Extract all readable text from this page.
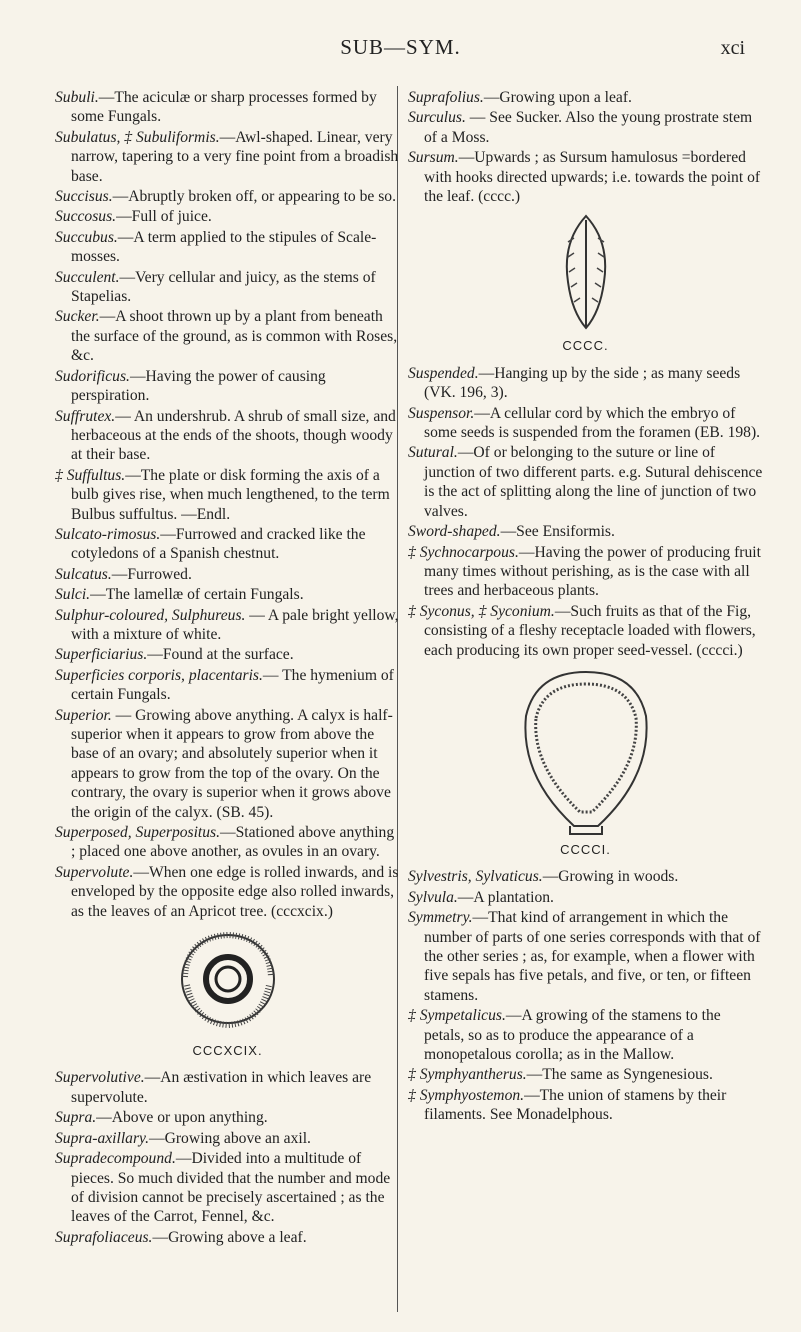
SUB—SYM.	xci

Subuli.—The aciculæ or sharp processes formed by some Fungals.

Subulatus, ‡ Subuliformis.—Awl-shaped. Linear, very narrow, tapering to a very fine point from a broadish base.

Succisus.—Abruptly broken off, or appearing to be so.

Succosus.—Full of juice.

Succubus.—A term applied to the stipules of Scale-mosses.

Succulent.—Very cellular and juicy, as the stems of Stapelias.

Sucker.—A shoot thrown up by a plant from beneath the surface of the ground, as is common with Roses, &c.

Sudorificus.—Having the power of causing perspiration.

Suffrutex.— An undershrub. A shrub of small size, and herbaceous at the ends of the shoots, though woody at their base.

‡ Suffultus.—The plate or disk forming the axis of a bulb gives rise, when much lengthened, to the term Bulbus suffultus. —Endl.

Sulcato-rimosus.—Furrowed and cracked like the cotyledons of a Spanish chestnut.

Sulcatus.—Furrowed.

Sulci.—The lamellæ of certain Fungals.

Sulphur-coloured, Sulphureus. — A pale bright yellow, with a mixture of white.

Superficiarius.—Found at the surface.

Superficies corporis, placentaris.— The hymenium of certain Fungals.

Superior. — Growing above anything. A calyx is half-superior when it appears to grow from above the base of an ovary; and absolutely superior when it appears to grow from the top of the ovary. On the contrary, the ovary is superior when it grows above the origin of the calyx. (SB. 45).

Superposed, Superpositus.—Stationed above anything ; placed one above another, as ovules in an ovary.

Supervolute.—When one edge is rolled inwards, and is enveloped by the opposite edge also rolled inwards, as the leaves of an Apricot tree. (cccxcix.)

CCCXCIX.

Supervolutive.—An æstivation in which leaves are supervolute.

Supra.—Above or upon anything.

Supra-axillary.—Growing above an axil.

Supradecompound.—Divided into a multitude of pieces. So much divided that the number and mode of division cannot be precisely ascertained ; as the leaves of the Carrot, Fennel, &c.

Suprafoliaceus.—Growing above a leaf.

Suprafolius.—Growing upon a leaf.

Surculus. — See Sucker. Also the young prostrate stem of a Moss.

Sursum.—Upwards ; as Sursum hamulosus =bordered with hooks directed upwards; i.e. towards the point of the leaf. (cccc.)

CCCC.

Suspended.—Hanging up by the side ; as many seeds (VK. 196, 3).

Suspensor.—A cellular cord by which the embryo of some seeds is suspended from the foramen (EB. 198).

Sutural.—Of or belonging to the suture or line of junction of two different parts. e.g. Sutural dehiscence is the act of splitting along the line of junction of two valves.

Sword-shaped.—See Ensiformis.

‡ Sychnocarpous.—Having the power of producing fruit many times without perishing, as is the case with all trees and herbaceous plants.

‡ Syconus, ‡ Syconium.—Such fruits as that of the Fig, consisting of a fleshy receptacle loaded with flowers, each producing its own proper seed-vessel. (cccci.)

CCCCI.

Sylvestris, Sylvaticus.—Growing in woods.

Sylvula.—A plantation.

Symmetry.—That kind of arrangement in which the number of parts of one series corresponds with that of the other series ; as, for example, when a flower with five sepals has five petals, and five, or ten, or fifteen stamens.

‡ Sympetalicus.—A growing of the stamens to the petals, so as to produce the appearance of a monopetalous corolla; as in the Mallow.

‡ Symphyantherus.—The same as Syngenesious.

‡ Symphyostemon.—The union of stamens by their filaments. See Monadelphous.
